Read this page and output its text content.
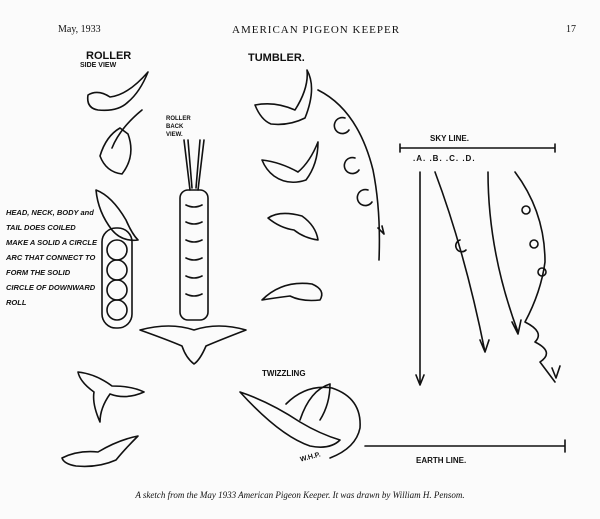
May, 1933	AMERICAN PIGEON KEEPER	17
ROLLER
SIDE VIEW
TUMBLER.
ROLLER BACK VIEW.
HEAD, NECK, BODY and TAIL DOES COILED MAKE A SOLID A CIRCLE ARC THAT CONNECT TO FORM THE SOLID CIRCLE OF DOWNWARD ROLL
SKY LINE.
.A. .B. .C. .D.
TWIZZLING
EARTH LINE.
W.H.P.
A sketch from the May 1933 American Pigeon Keeper. It was drawn by William H. Pensom.
